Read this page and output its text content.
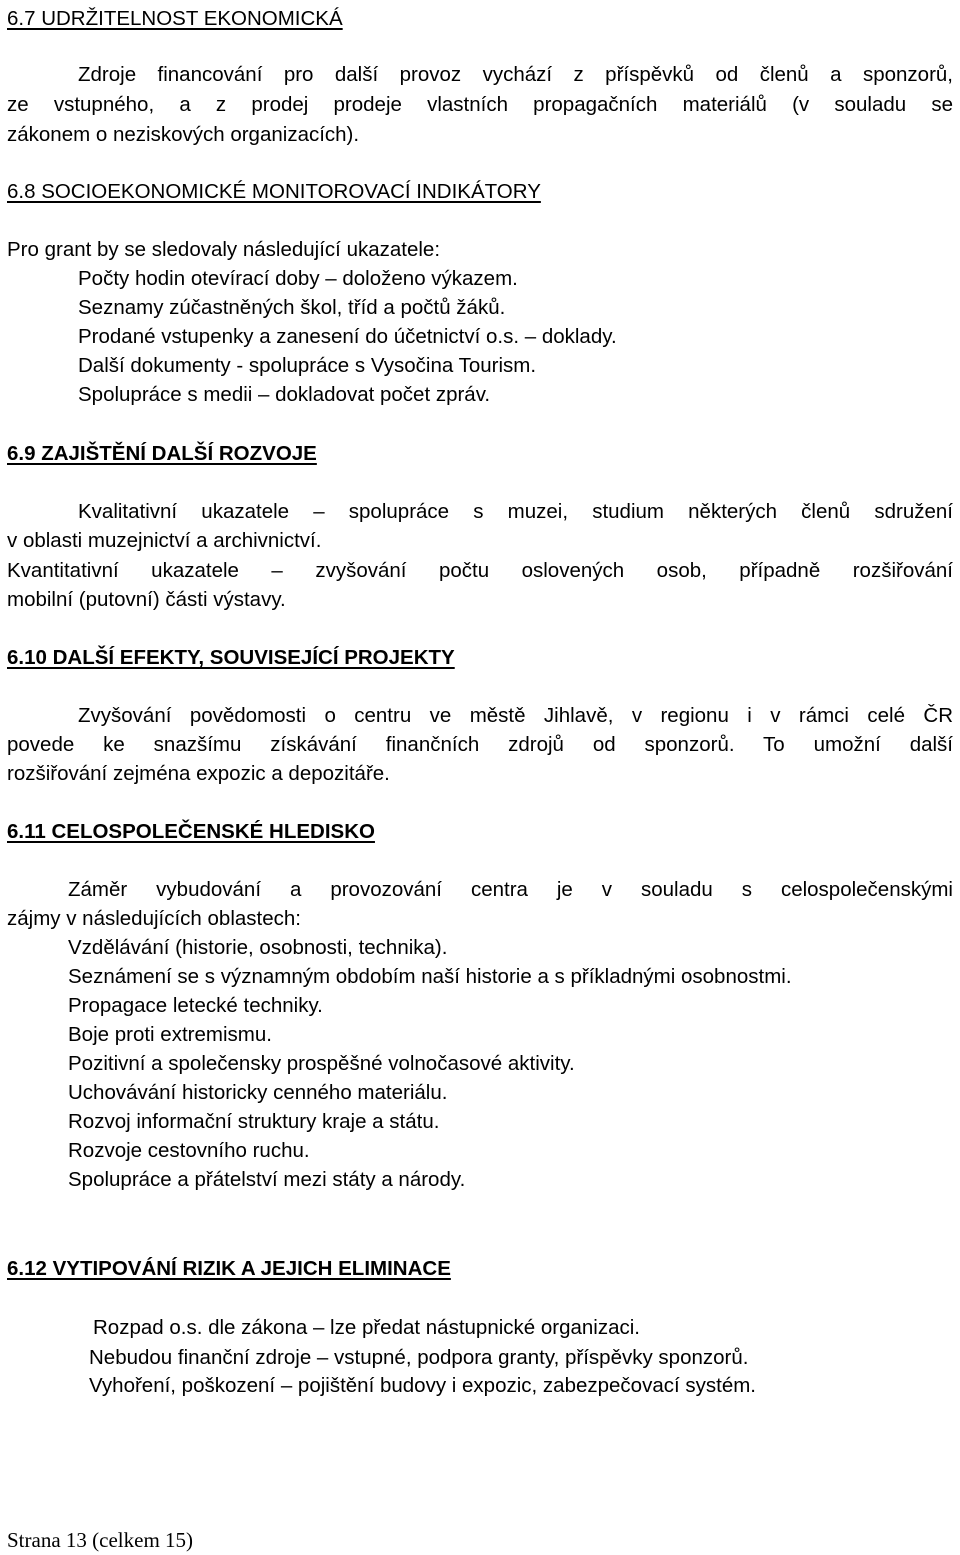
6.7 UDRŽITELNOST EKONOMICKÁ
Zdroje financování pro další provoz vychází z příspěvků od členů a sponzorů,
ze vstupného, a z prodej prodeje vlastních propagačních materiálů (v souladu se
zákonem o neziskových organizacích).
6.8 SOCIOEKONOMICKÉ MONITOROVACÍ INDIKÁTORY
Pro grant by se sledovaly následující ukazatele:
Počty hodin otevírací doby – doloženo výkazem.
Seznamy zúčastněných škol, tříd a počtů žáků.
Prodané vstupenky a zanesení do účetnictví o.s. – doklady.
Další dokumenty - spolupráce s Vysočina Tourism.
Spolupráce s medii – dokladovat počet zpráv.
6.9 ZAJIŠTĚNÍ DALŠÍ ROZVOJE
Kvalitativní ukazatele – spolupráce s muzei, studium některých členů sdružení
v oblasti muzejnictví a archivnictví.
Kvantitativní ukazatele – zvyšování počtu oslovených osob, případně rozšiřování
mobilní (putovní) části výstavy.
6.10 DALŠÍ EFEKTY, SOUVISEJÍCÍ PROJEKTY
Zvyšování povědomosti o centru ve městě Jihlavě, v regionu i v rámci celé ČR
povede ke snazšímu získávání finančních zdrojů od sponzorů. To umožní další
rozšiřování zejména expozic a depozitáře.
6.11 CELOSPOLEČENSKÉ HLEDISKO
Záměr vybudování a provozování centra je v souladu s celospolečenskými
zájmy v následujících oblastech:
Vzdělávání (historie, osobnosti, technika).
Seznámení se s významným obdobím naší historie a s příkladnými osobnostmi.
Propagace letecké techniky.
Boje proti extremismu.
Pozitivní a společensky prospěšné volnočasové aktivity.
Uchovávání historicky cenného materiálu.
Rozvoj informační struktury kraje a státu.
Rozvoje cestovního ruchu.
Spolupráce a přátelství mezi státy a národy.
6.12 VYTIPOVÁNÍ RIZIK A JEJICH ELIMINACE
Rozpad o.s. dle zákona – lze předat nástupnické organizaci.
Nebudou finanční zdroje – vstupné, podpora granty, příspěvky sponzorů.
Vyhoření, poškození – pojištění budovy i expozic, zabezpečovací systém.
Strana 13 (celkem 15)
